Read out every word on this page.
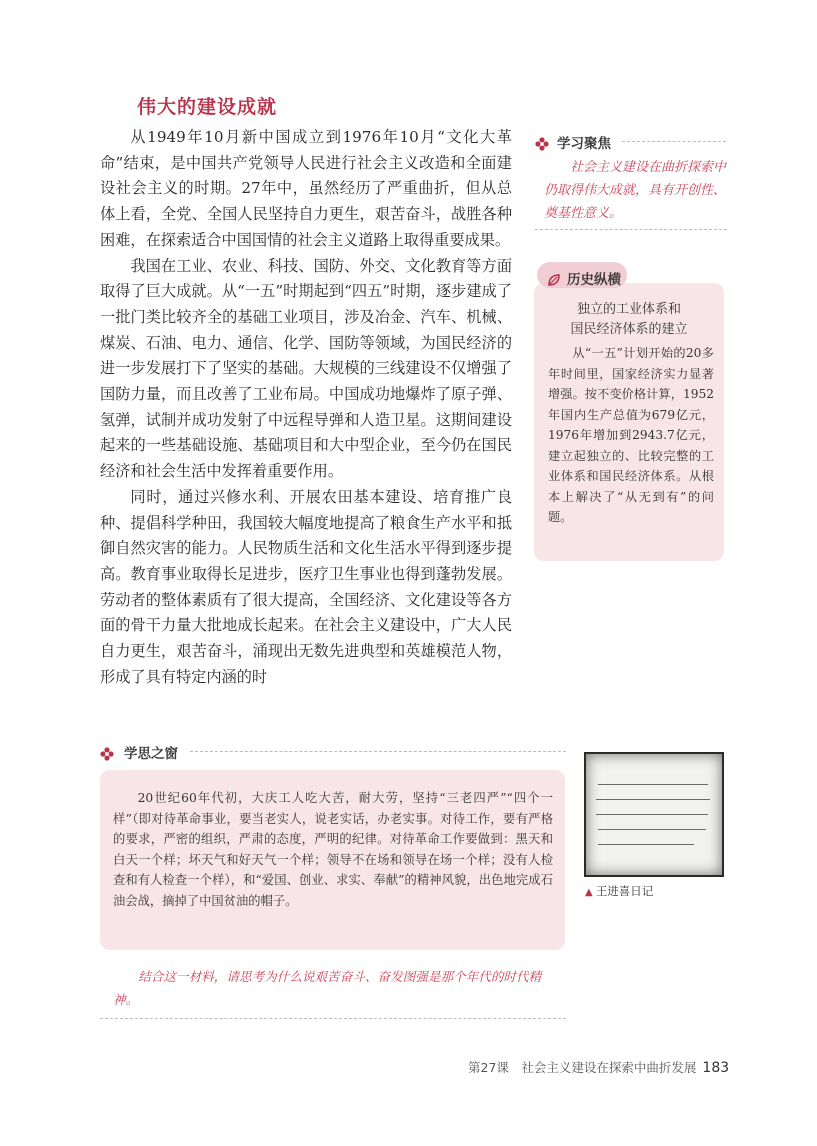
伟大的建设成就

从1949年10月新中国成立到1976年10月“文化大革命”结束，是中国共产党领导人民进行社会主义改造和全面建设社会主义的时期。27年中，虽然经历了严重曲折，但从总体上看，全党、全国人民坚持自力更生，艰苦奋斗，战胜各种困难，在探索适合中国国情的社会主义道路上取得重要成果。

我国在工业、农业、科技、国防、外交、文化教育等方面取得了巨大成就。从“一五”时期起到“四五”时期，逐步建成了一批门类比较齐全的基础工业项目，涉及冶金、汽车、机械、煤炭、石油、电力、通信、化学、国防等领域，为国民经济的进一步发展打下了坚实的基础。大规模的三线建设不仅增强了国防力量，而且改善了工业布局。中国成功地爆炸了原子弹、氢弹，试制并成功发射了中远程导弹和人造卫星。这期间建设起来的一些基础设施、基础项目和大中型企业，至今仍在国民经济和社会生活中发挥着重要作用。

同时，通过兴修水利、开展农田基本建设、培育推广良种、提倡科学种田，我国较大幅度地提高了粮食生产水平和抵御自然灾害的能力。人民物质生活和文化生活水平得到逐步提高。教育事业取得长足进步，医疗卫生事业也得到蓬勃发展。劳动者的整体素质有了很大提高，全国经济、文化建设等各方面的骨干力量大批地成长起来。在社会主义建设中，广大人民自力更生，艰苦奋斗，涌现出无数先进典型和英雄模范人物，形成了具有特定内涵的时

学习聚焦
社会主义建设在曲折探索中仍取得伟大成就，具有开创性、奠基性意义。
历史纵横
独立的工业体系和
国民经济体系的建立
从“一五”计划开始的20多年时间里，国家经济实力显著增强。按不变价格计算，1952年国内生产总值为679亿元，1976年增加到2943.7亿元，建立起独立的、比较完整的工业体系和国民经济体系。从根本上解决了“从无到有”的问题。
学思之窗
20世纪60年代初，大庆工人吃大苦，耐大劳，坚持“三老四严”“四个一样”（即对待革命事业，要当老实人，说老实话，办老实事。对待工作，要有严格的要求，严密的组织，严肃的态度，严明的纪律。对待革命工作要做到：黑天和白天一个样；坏天气和好天气一个样；领导不在场和领导在场一个样；没有人检查和有人检查一个样），和“爱国、创业、求实、奉献”的精神风貌，出色地完成石油会战，摘掉了中国贫油的帽子。
结合这一材料，请思考为什么说艰苦奋斗、奋发图强是那个年代的时代精神。
▲ 王进喜日记
第27课　社会主义建设在探索中曲折发展 183
